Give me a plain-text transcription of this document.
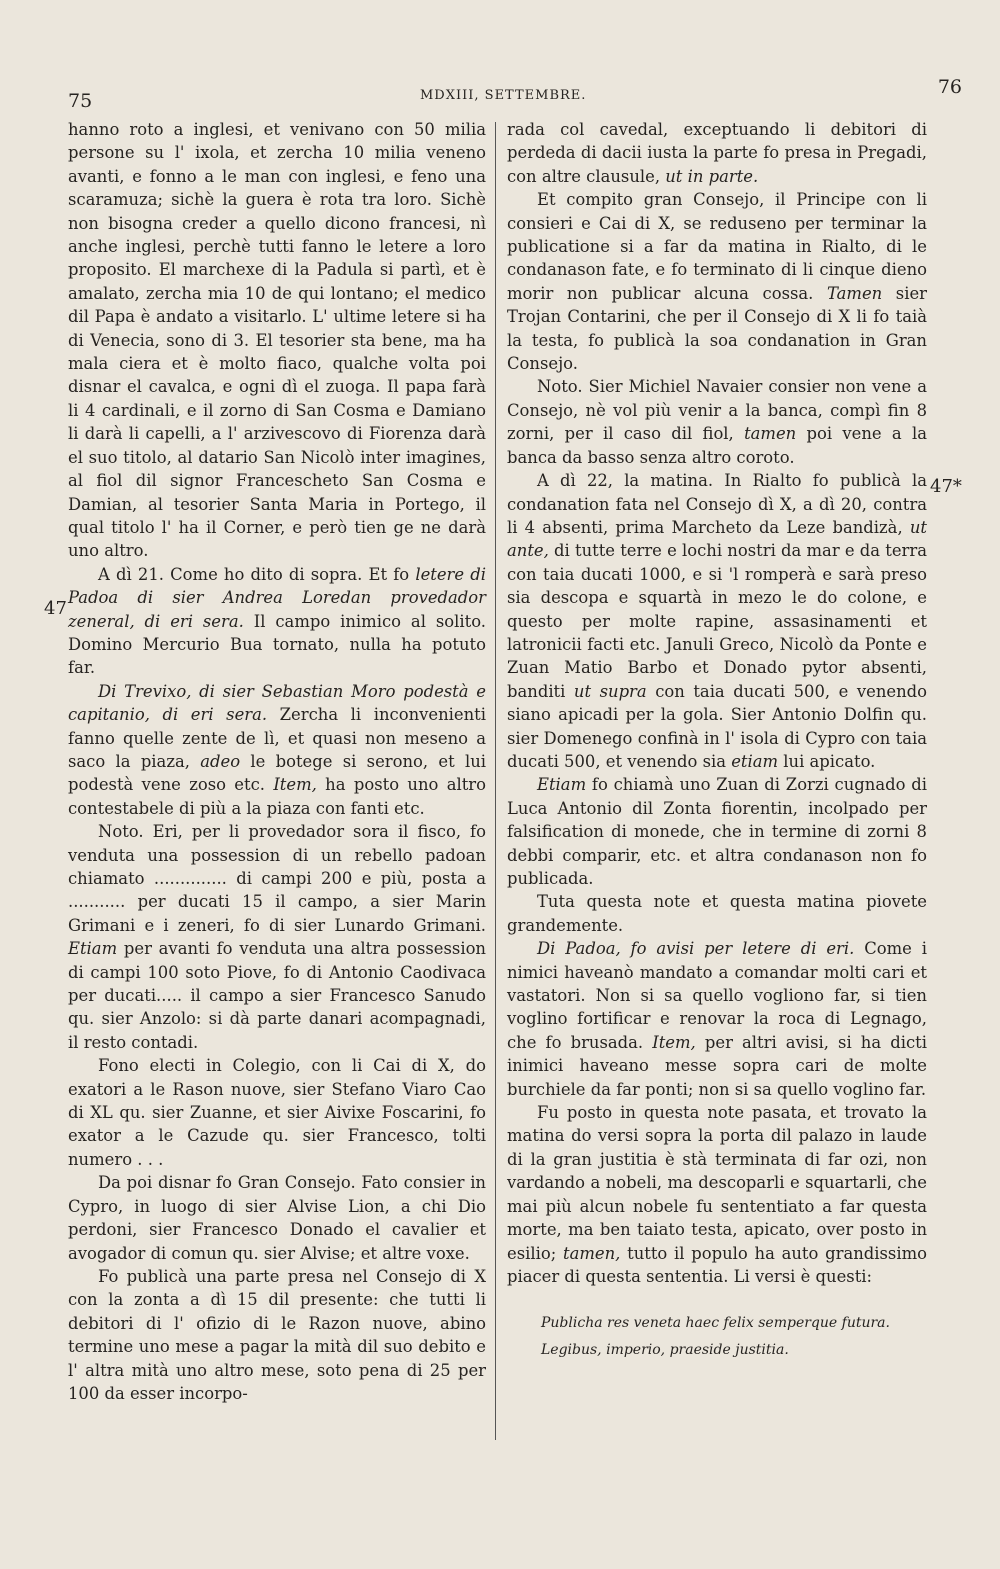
75	MDXIII, SETTEMBRE.	76
47
47*

hanno roto a inglesi, et venivano con 50 milia persone su l' ixola, et zercha 10 milia veneno avanti, e fonno a le man con inglesi, e feno una scaramuza; sichè la guera è rota tra loro. Sichè non bisogna creder a quello dicono francesi, nì anche inglesi, perchè tutti fanno le letere a loro proposito. El marchexe di la Padula si partì, et è amalato, zercha mia 10 de qui lontano; el medico dil Papa è andato a visitarlo. L' ultime letere si ha di Venecia, sono di 3. El tesorier sta bene, ma ha mala ciera et è molto fiaco, qualche volta poi disnar el cavalca, e ogni dì el zuoga. Il papa farà li 4 cardinali, e il zorno di San Cosma e Damiano li darà li capelli, a l' arzivescovo di Fiorenza darà el suo titolo, al datario San Nicolò inter imagines, al fiol dil signor Francescheto San Cosma e Damian, al tesorier Santa Maria in Portego, il qual titolo l' ha il Corner, e però tien ge ne darà uno altro.

A dì 21. Come ho dito di sopra. Et fo letere di Padoa di sier Andrea Loredan provedador zeneral, di eri sera. Il campo inimico al solito. Domino Mercurio Bua tornato, nulla ha potuto far.

Di Trevixo, di sier Sebastian Moro podestà e capitanio, di eri sera. Zercha li inconvenienti fanno quelle zente de lì, et quasi non meseno a saco la piaza, adeo le botege si serono, et lui podestà vene zoso etc. Item, ha posto uno altro contestabele di più a la piaza con fanti etc.

Noto. Eri, per li provedador sora il fisco, fo venduta una possession di un rebello padoan chiamato .............. di campi 200 e più, posta a ........... per ducati 15 il campo, a sier Marin Grimani e i zeneri, fo di sier Lunardo Grimani. Etiam per avanti fo venduta una altra possession di campi 100 soto Piove, fo di Antonio Caodivaca per ducati..... il campo a sier Francesco Sanudo qu. sier Anzolo: si dà parte danari acompagnadi, il resto contadi.

Fono electi in Colegio, con li Cai di X, do exatori a le Rason nuove, sier Stefano Viaro Cao di XL qu. sier Zuanne, et sier Aivixe Foscarini, fo exator a le Cazude qu. sier Francesco, tolti numero . . .

Da poi disnar fo Gran Consejo. Fato consier in Cypro, in luogo di sier Alvise Lion, a chi Dio perdoni, sier Francesco Donado el cavalier et avogador di comun qu. sier Alvise; et altre voxe.

Fo publicà una parte presa nel Consejo di X con la zonta a dì 15 dil presente: che tutti li debitori di l' ofizio di le Razon nuove, abino termine uno mese a pagar la mità dil suo debito e l' altra mità uno altro mese, soto pena di 25 per 100 da esser incorpo-

rada col cavedal, exceptuando li debitori di perdeda di dacii iusta la parte fo presa in Pregadi, con altre clausule, ut in parte.

Et compito gran Consejo, il Principe con li consieri e Cai di X, se reduseno per terminar la publicatione si a far da matina in Rialto, di le condanason fate, e fo terminato di li cinque dieno morir non publicar alcuna cossa. Tamen sier Trojan Contarini, che per il Consejo di X li fo taià la testa, fo publicà la soa condanation in Gran Consejo.

Noto. Sier Michiel Navaier consier non vene a Consejo, nè vol più venir a la banca, compì fin 8 zorni, per il caso dil fiol, tamen poi vene a la banca da basso senza altro coroto.

A dì 22, la matina. In Rialto fo publicà la condanation fata nel Consejo dì X, a dì 20, contra li 4 absenti, prima Marcheto da Leze bandizà, ut ante, di tutte terre e lochi nostri da mar e da terra con taia ducati 1000, e si 'l romperà e sarà preso sia descopa e squartà in mezo le do colone, e questo per molte rapine, assasinamenti et latronicii facti etc. Januli Greco, Nicolò da Ponte e Zuan Matio Barbo et Donado pytor absenti, banditi ut supra con taia ducati 500, e venendo siano apicadi per la gola. Sier Antonio Dolfin qu. sier Domenego confinà in l' isola di Cypro con taia ducati 500, et venendo sia etiam lui apicato.

Etiam fo chiamà uno Zuan di Zorzi cugnado di Luca Antonio dil Zonta fiorentin, incolpado per falsification di monede, che in termine di zorni 8 debbi comparir, etc. et altra condanason non fo publicada.

Tuta questa note et questa matina piovete grandemente.

Di Padoa, fo avisi per letere di eri. Come i nimici haveanò mandato a comandar molti cari et vastatori. Non si sa quello vogliono far, si tien voglino fortificar e renovar la roca di Legnago, che fo brusada. Item, per altri avisi, si ha dicti inimici haveano messe sopra cari de molte burchiele da far ponti; non si sa quello voglino far.

Fu posto in questa note pasata, et trovato la matina do versi sopra la porta dil palazo in laude di la gran justitia è stà terminata di far ozi, non vardando a nobeli, ma descoparli e squartarli, che mai più alcun nobele fu sententiato a far questa morte, ma ben taiato testa, apicato, over posto in esilio; tamen, tutto il populo ha auto grandissimo piacer di questa sententia. Li versi è questi:

Publicha res veneta haec felix semperque futura.
Legibus, imperio, praeside justitia.
